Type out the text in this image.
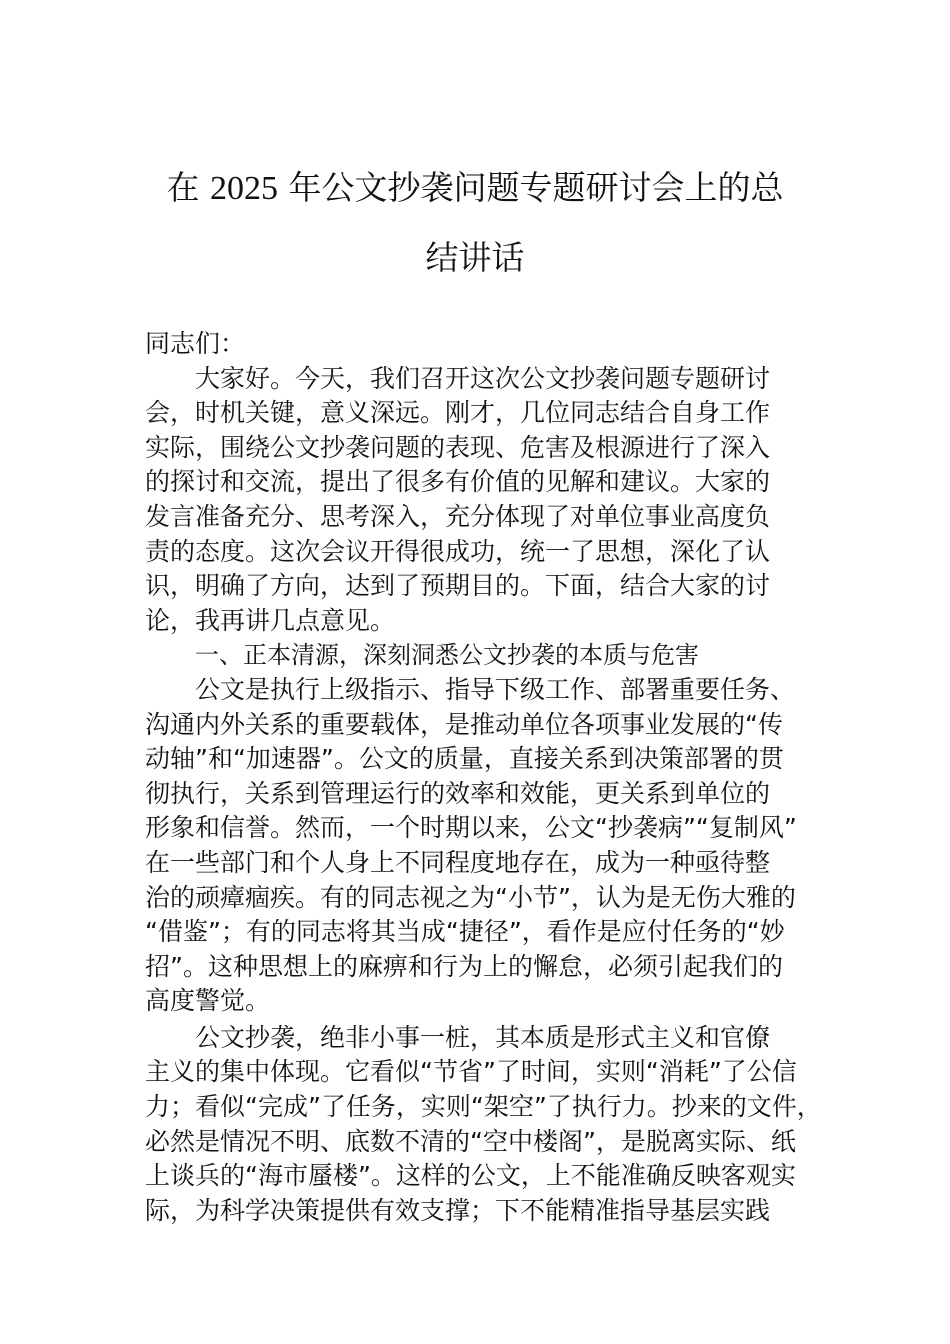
在 2025 年公文抄袭问题专题研讨会上的总
结讲话
同志们：
大家好。今天，我们召开这次公文抄袭问题专题研讨
会，时机关键，意义深远。刚才，几位同志结合自身工作
实际，围绕公文抄袭问题的表现、危害及根源进行了深入
的探讨和交流，提出了很多有价值的见解和建议。大家的
发言准备充分、思考深入，充分体现了对单位事业高度负
责的态度。这次会议开得很成功，统一了思想，深化了认
识，明确了方向，达到了预期目的。下面，结合大家的讨
论，我再讲几点意见。
一、正本清源，深刻洞悉公文抄袭的本质与危害
公文是执行上级指示、指导下级工作、部署重要任务、
沟通内外关系的重要载体，是推动单位各项事业发展的“传
动轴”和“加速器”。公文的质量，直接关系到决策部署的贯
彻执行，关系到管理运行的效率和效能，更关系到单位的
形象和信誉。然而，一个时期以来，公文“抄袭病”“复制风”
在一些部门和个人身上不同程度地存在，成为一种亟待整
治的顽瘴痼疾。有的同志视之为“小节”，认为是无伤大雅的
“借鉴”；有的同志将其当成“捷径”，看作是应付任务的“妙
招”。这种思想上的麻痹和行为上的懈怠，必须引起我们的
高度警觉。
公文抄袭，绝非小事一桩，其本质是形式主义和官僚
主义的集中体现。它看似“节省”了时间，实则“消耗”了公信
力；看似“完成”了任务，实则“架空”了执行力。抄来的文件，
必然是情况不明、底数不清的“空中楼阁”，是脱离实际、纸
上谈兵的“海市蜃楼”。这样的公文，上不能准确反映客观实
际，为科学决策提供有效支撑；下不能精准指导基层实践
